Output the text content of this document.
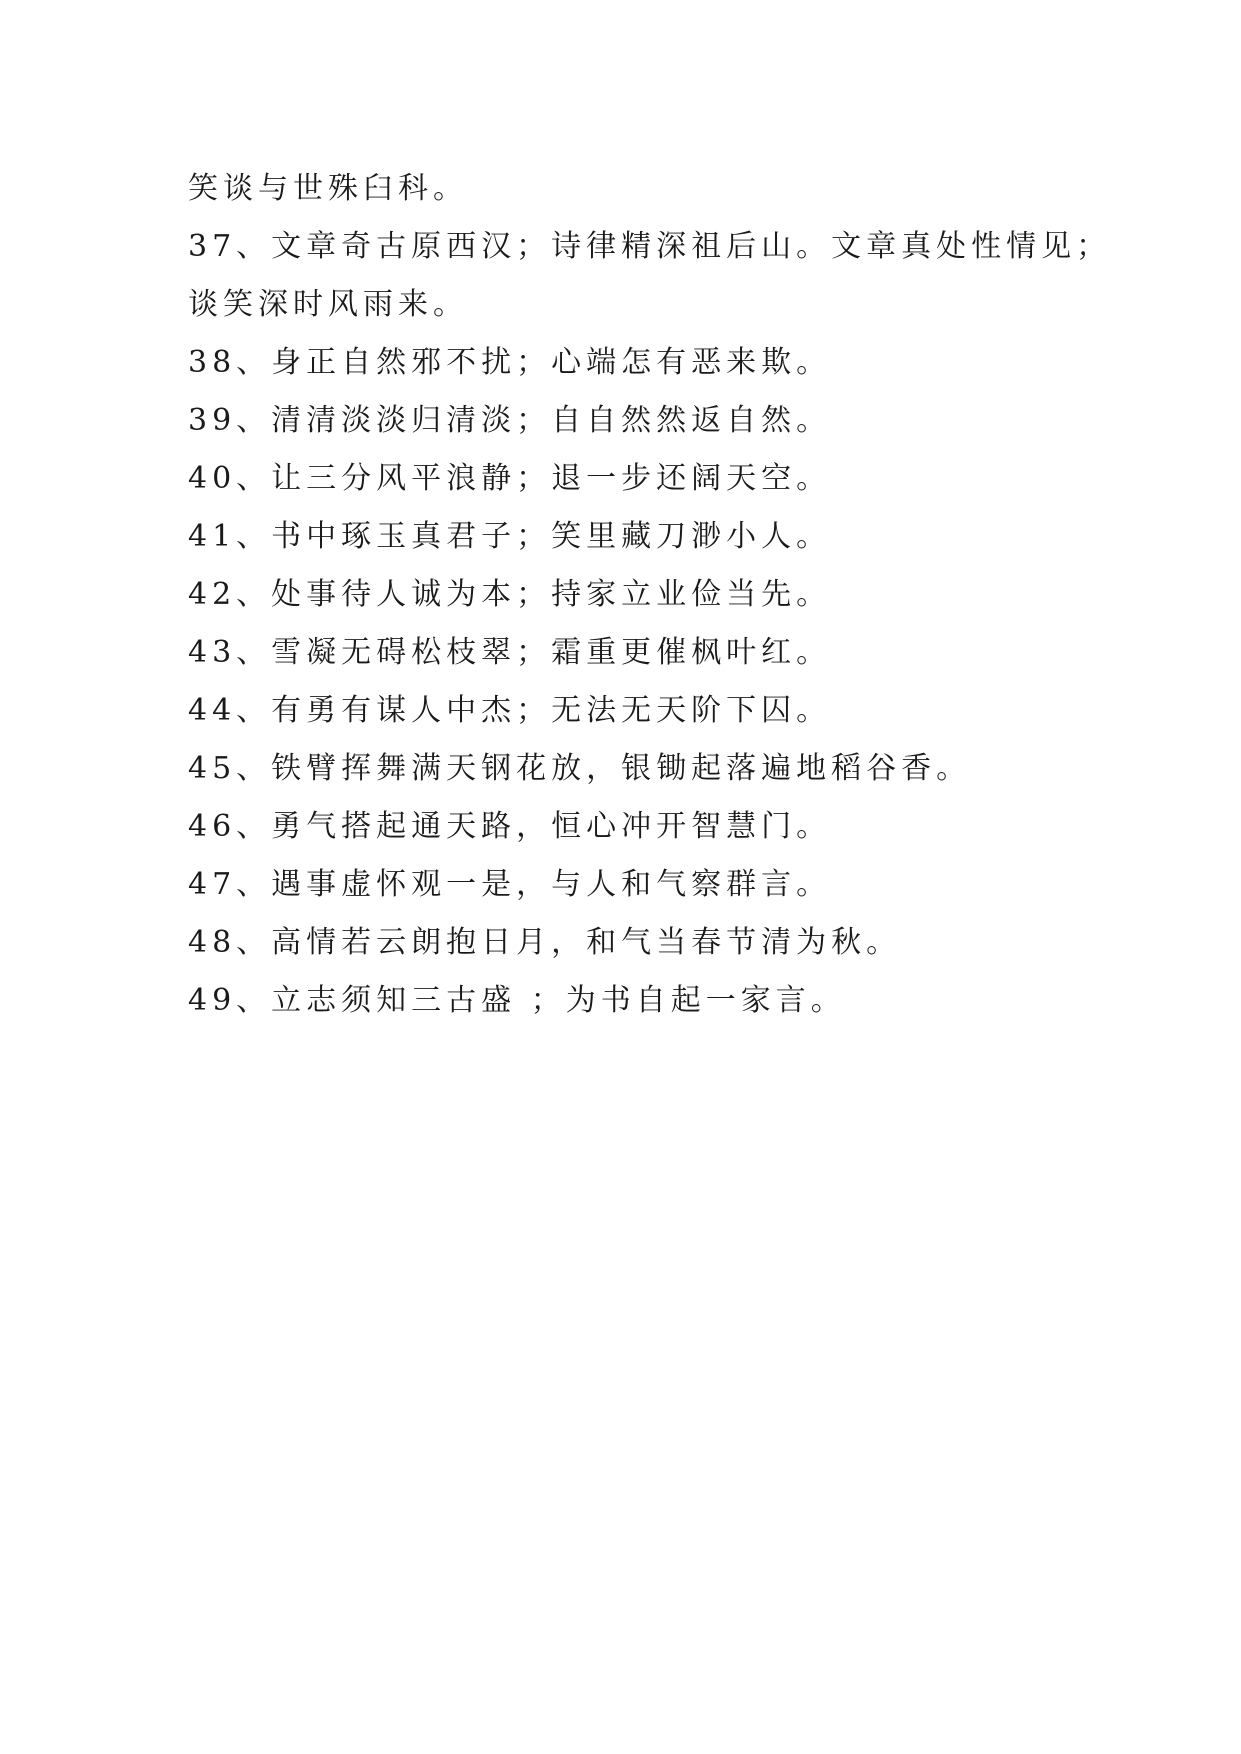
笑谈与世殊臼科。
37、文章奇古原西汉；诗律精深祖后山。文章真处性情见；
谈笑深时风雨来。
38、身正自然邪不扰；心端怎有恶来欺。
39、清清淡淡归清淡；自自然然返自然。
40、让三分风平浪静；退一步还阔天空。
41、书中琢玉真君子；笑里藏刀渺小人。
42、处事待人诚为本；持家立业俭当先。
43、雪凝无碍松枝翠；霜重更催枫叶红。
44、有勇有谋人中杰；无法无天阶下囚。
45、铁臂挥舞满天钢花放，银锄起落遍地稻谷香。
46、勇气搭起通天路，恒心冲开智慧门。
47、遇事虚怀观一是，与人和气察群言。
48、高情若云朗抱日月，和气当春节清为秋。
49、立志须知三古盛 ；为书自起一家言。
